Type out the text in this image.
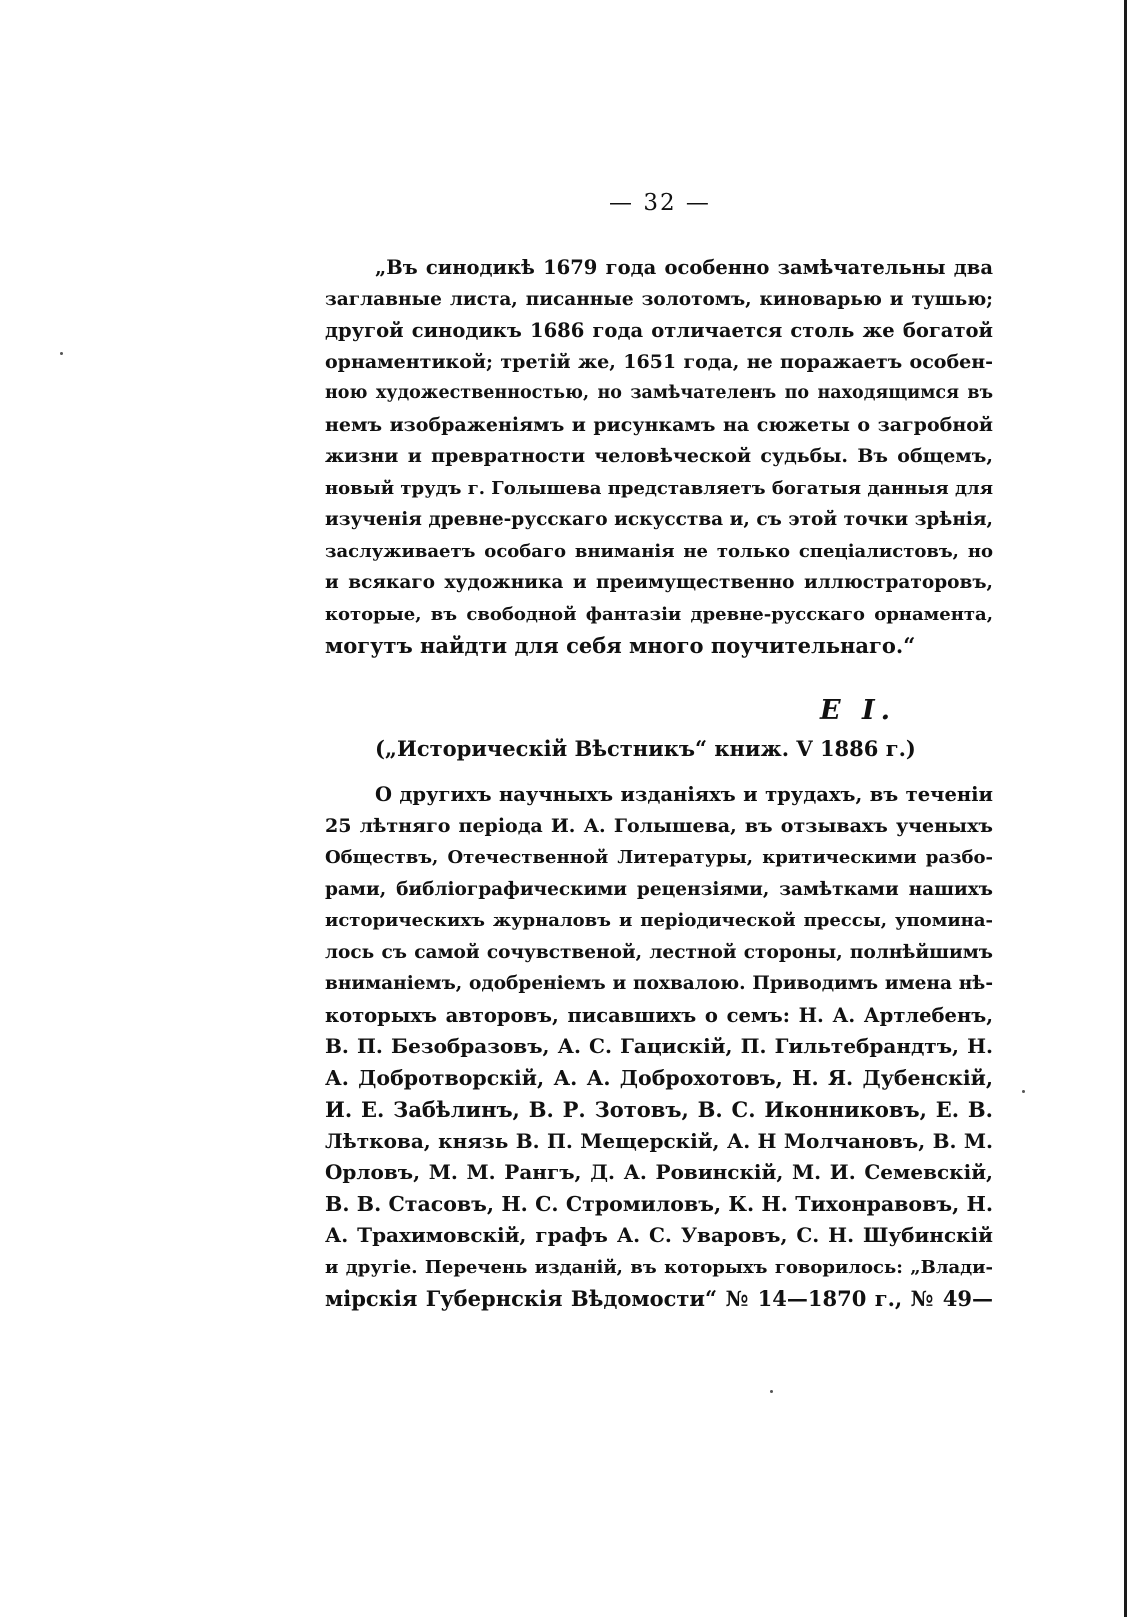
— 32 —
„Въ синодикѣ 1679 года особенно замѣчательны два
заглавные листа, писанные золотомъ, киноварью и тушью;
другой синодикъ 1686 года отличается столь же богатой
орнаментикой; третій же, 1651 года, не поражаетъ особен-
ною художественностью, но замѣчателенъ по находящимся въ
немъ изображеніямъ и рисункамъ на сюжеты о загробной
жизни и превратности человѣческой судьбы. Въ общемъ,
новый трудъ г. Голышева представляетъ богатыя данныя для
изученія древне-русскаго искусства и, съ этой точки зрѣнія,
заслуживаетъ особаго вниманія не только спеціалистовъ, но
и всякаго художника и преимущественно иллюстраторовъ,
которые, въ свободной фантазіи древне-русскаго орнамента,
могутъ найдти для себя много поучительнаго.“
Е I.
(„Историческій Вѣстникъ“ книж. V 1886 г.)
О другихъ научныхъ изданіяхъ и трудахъ, въ теченіи
25 лѣтняго періода И. А. Голышева, въ отзывахъ ученыхъ
Обществъ, Отечественной Литературы, критическими разбо-
рами, библіографическими рецензіями, замѣтками нашихъ
историческихъ журналовъ и періодической прессы, упомина-
лось съ самой сочувственой, лестной стороны, полнѣйшимъ
вниманіемъ, одобреніемъ и похвалою. Приводимъ имена нѣ-
которыхъ авторовъ, писавшихъ о семъ: Н. А. Артлебенъ,
В. П. Безобразовъ, А. С. Гацискій, П. Гильтебрандтъ, Н.
А. Добротворскій, А. А. Доброхотовъ, Н. Я. Дубенскій,
И. Е. Забѣлинъ, В. Р. Зотовъ, В. С. Иконниковъ, Е. В.
Лѣткова, князь В. П. Мещерскій, А. Н Молчановъ, В. М.
Орловъ, М. М. Рангъ, Д. А. Ровинскій, М. И. Семевскій,
В. В. Стасовъ, Н. С. Стромиловъ, К. Н. Тихонравовъ, Н.
А. Трахимовскій, графъ А. С. Уваровъ, С. Н. Шубинскій
и другіе. Перечень изданій, въ которыхъ говорилось: „Влади-
мірскія Губернскія Вѣдомости“ № 14—1870 г., № 49—
